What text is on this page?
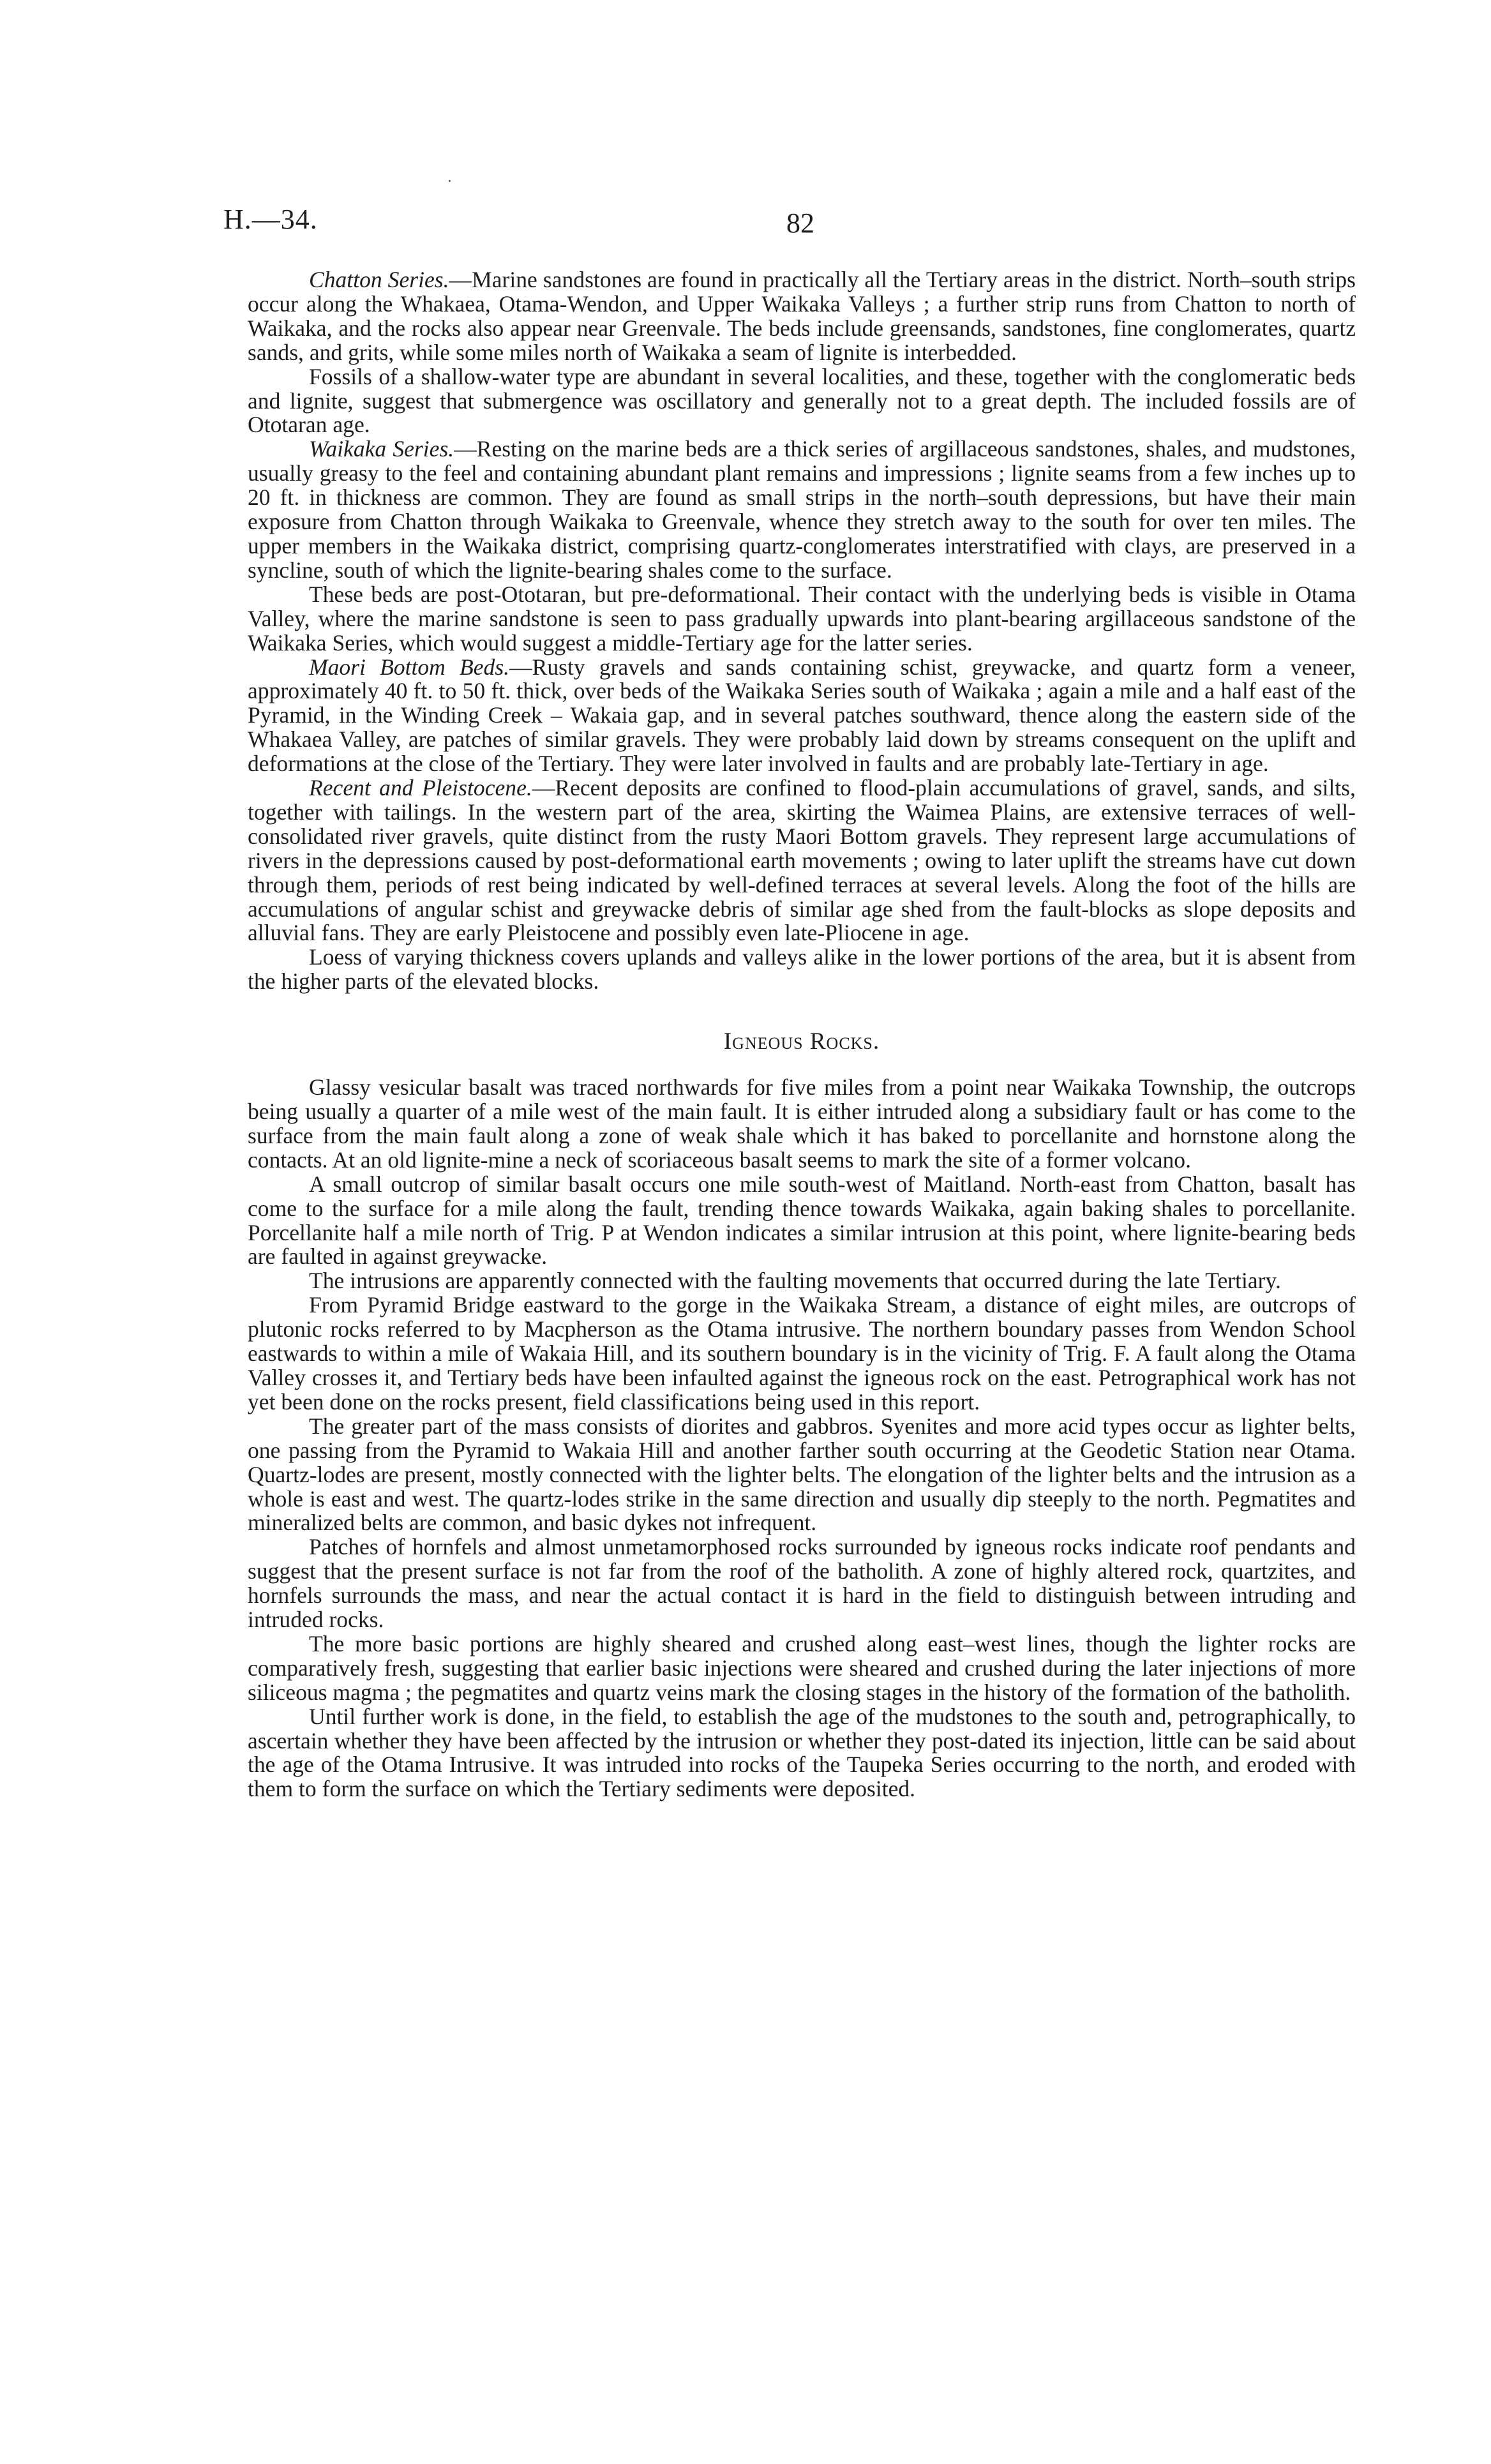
H.—34.	82

Chatton Series.—Marine sandstones are found in practically all the Tertiary areas in the district. North–south strips occur along the Whakaea, Otama-Wendon, and Upper Waikaka Valleys ; a further strip runs from Chatton to north of Waikaka, and the rocks also appear near Greenvale. The beds include greensands, sandstones, fine conglomerates, quartz sands, and grits, while some miles north of Waikaka a seam of lignite is interbedded.

Fossils of a shallow-water type are abundant in several localities, and these, together with the conglomeratic beds and lignite, suggest that submergence was oscillatory and generally not to a great depth. The included fossils are of Ototaran age.

Waikaka Series.—Resting on the marine beds are a thick series of argillaceous sandstones, shales, and mudstones, usually greasy to the feel and containing abundant plant remains and impressions ; lignite seams from a few inches up to 20 ft. in thickness are common. They are found as small strips in the north–south depressions, but have their main exposure from Chatton through Waikaka to Greenvale, whence they stretch away to the south for over ten miles. The upper members in the Waikaka district, comprising quartz-conglomerates interstratified with clays, are preserved in a syncline, south of which the lignite-bearing shales come to the surface.

These beds are post-Ototaran, but pre-deformational. Their contact with the underlying beds is visible in Otama Valley, where the marine sandstone is seen to pass gradually upwards into plant-bearing argillaceous sandstone of the Waikaka Series, which would suggest a middle-Tertiary age for the latter series.

Maori Bottom Beds.—Rusty gravels and sands containing schist, greywacke, and quartz form a veneer, approximately 40 ft. to 50 ft. thick, over beds of the Waikaka Series south of Waikaka ; again a mile and a half east of the Pyramid, in the Winding Creek – Wakaia gap, and in several patches southward, thence along the eastern side of the Whakaea Valley, are patches of similar gravels. They were probably laid down by streams consequent on the uplift and deformations at the close of the Tertiary. They were later involved in faults and are probably late-Tertiary in age.

Recent and Pleistocene.—Recent deposits are confined to flood-plain accumulations of gravel, sands, and silts, together with tailings. In the western part of the area, skirting the Waimea Plains, are extensive terraces of well-consolidated river gravels, quite distinct from the rusty Maori Bottom gravels. They represent large accumulations of rivers in the depressions caused by post-deformational earth movements ; owing to later uplift the streams have cut down through them, periods of rest being indicated by well-defined terraces at several levels. Along the foot of the hills are accumulations of angular schist and greywacke debris of similar age shed from the fault-blocks as slope deposits and alluvial fans. They are early Pleistocene and possibly even late-Pliocene in age.

Loess of varying thickness covers uplands and valleys alike in the lower portions of the area, but it is absent from the higher parts of the elevated blocks.

Igneous Rocks.

Glassy vesicular basalt was traced northwards for five miles from a point near Waikaka Township, the outcrops being usually a quarter of a mile west of the main fault. It is either intruded along a subsidiary fault or has come to the surface from the main fault along a zone of weak shale which it has baked to porcellanite and hornstone along the contacts. At an old lignite-mine a neck of scoriaceous basalt seems to mark the site of a former volcano.

A small outcrop of similar basalt occurs one mile south-west of Maitland. North-east from Chatton, basalt has come to the surface for a mile along the fault, trending thence towards Waikaka, again baking shales to porcellanite. Porcellanite half a mile north of Trig. P at Wendon indicates a similar intrusion at this point, where lignite-bearing beds are faulted in against greywacke.

The intrusions are apparently connected with the faulting movements that occurred during the late Tertiary.

From Pyramid Bridge eastward to the gorge in the Waikaka Stream, a distance of eight miles, are outcrops of plutonic rocks referred to by Macpherson as the Otama intrusive. The northern boundary passes from Wendon School eastwards to within a mile of Wakaia Hill, and its southern boundary is in the vicinity of Trig. F. A fault along the Otama Valley crosses it, and Tertiary beds have been infaulted against the igneous rock on the east. Petrographical work has not yet been done on the rocks present, field classifications being used in this report.

The greater part of the mass consists of diorites and gabbros. Syenites and more acid types occur as lighter belts, one passing from the Pyramid to Wakaia Hill and another farther south occurring at the Geodetic Station near Otama. Quartz-lodes are present, mostly connected with the lighter belts. The elongation of the lighter belts and the intrusion as a whole is east and west. The quartz-lodes strike in the same direction and usually dip steeply to the north. Pegmatites and mineralized belts are common, and basic dykes not infrequent.

Patches of hornfels and almost unmetamorphosed rocks surrounded by igneous rocks indicate roof pendants and suggest that the present surface is not far from the roof of the batholith. A zone of highly altered rock, quartzites, and hornfels surrounds the mass, and near the actual contact it is hard in the field to distinguish between intruding and intruded rocks.

The more basic portions are highly sheared and crushed along east–west lines, though the lighter rocks are comparatively fresh, suggesting that earlier basic injections were sheared and crushed during the later injections of more siliceous magma ; the pegmatites and quartz veins mark the closing stages in the history of the formation of the batholith.

Until further work is done, in the field, to establish the age of the mudstones to the south and, petrographically, to ascertain whether they have been affected by the intrusion or whether they post-dated its injection, little can be said about the age of the Otama Intrusive. It was intruded into rocks of the Taupeka Series occurring to the north, and eroded with them to form the surface on which the Tertiary sediments were deposited.
